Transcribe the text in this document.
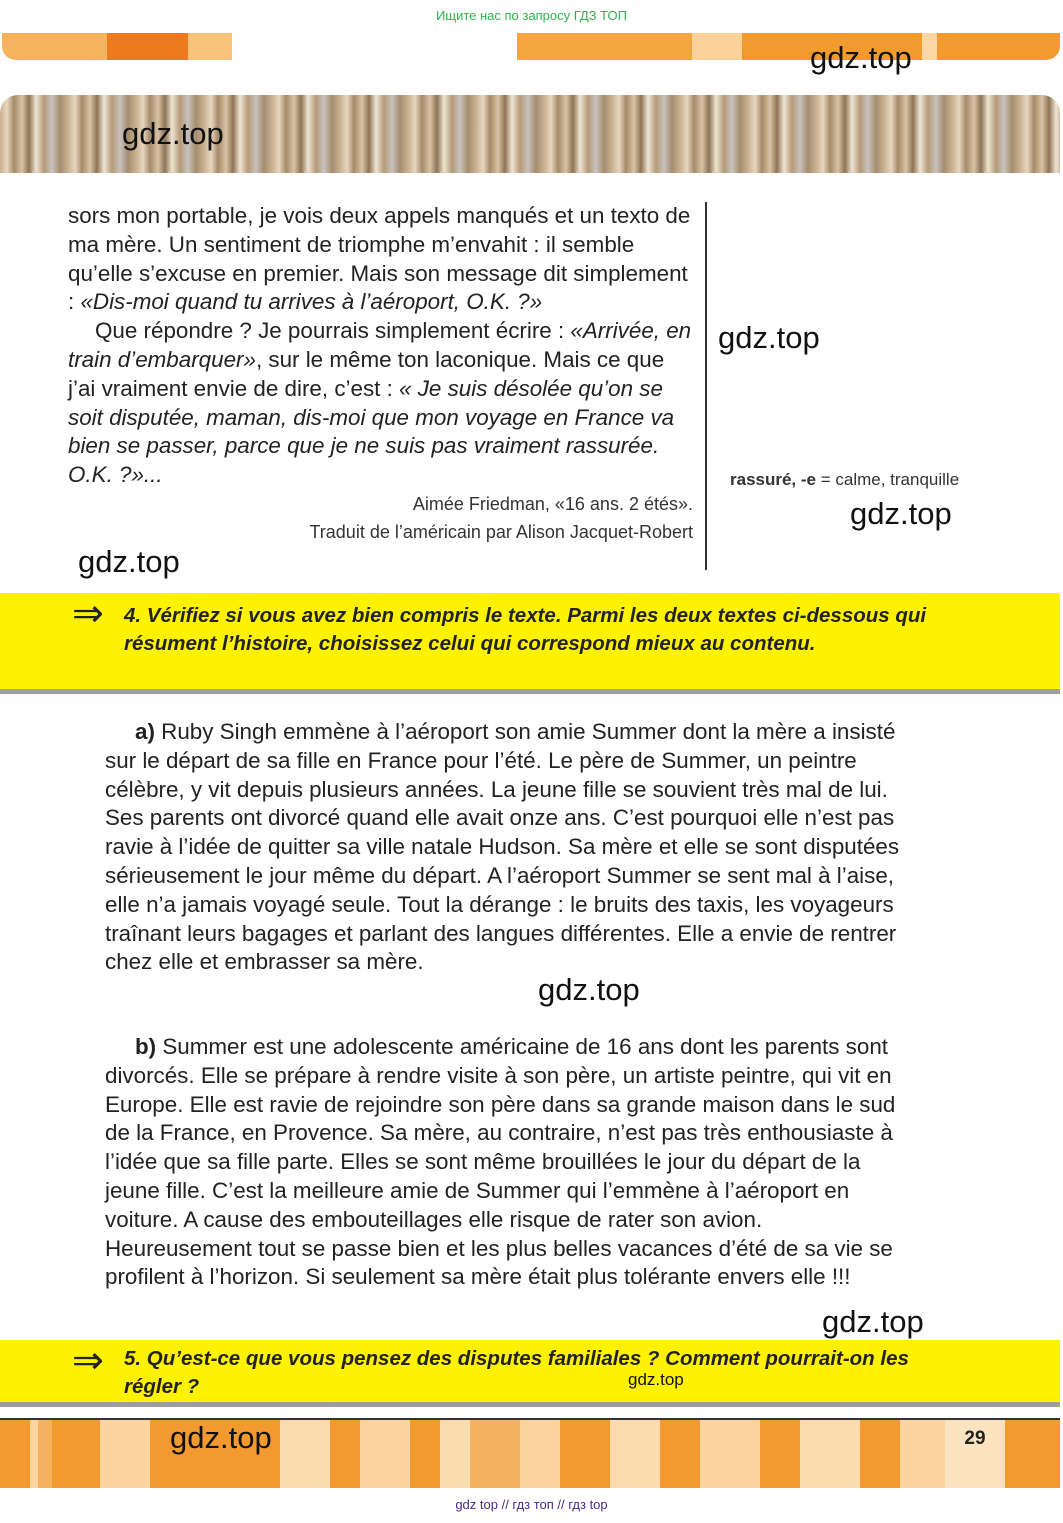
Ищите нас по запросу ГДЗ ТОП
gdz.top
gdz.top

sors mon portable, je vois deux appels manqués et un texto de ma mère. Un sentiment de triomphe m’envahit : il semble qu’elle s’excuse en premier. Mais son message dit simplement : «Dis-moi quand tu arrives à l’aéroport, O.K. ?»

Que répondre ? Je pourrais simplement écrire : «Arrivée, en train d’embarquer», sur le même ton laconique. Mais ce que j’ai vraiment envie de dire, c’est : « Je suis désolée qu’on se soit disputée, maman, dis-moi que mon voyage en France va bien se passer, parce que je ne suis pas vraiment rassurée. O.K. ?»...

Aimée Friedman, «16 ans. 2 étés».
Traduit de l’américain par Alison Jacquet-Robert
gdz.top
gdz.top
rassuré, -e = calme, tranquille
gdz.top
⇒ 4. Vérifiez si vous avez bien compris le texte. Parmi les deux textes ci-dessous qui résument l’histoire, choisissez celui qui correspond mieux au contenu.

a) Ruby Singh emmène à l’aéroport son amie Summer dont la mère a insisté sur le départ de sa fille en France pour l’été. Le père de Summer, un peintre célèbre, y vit depuis plusieurs années. La jeune fille se souvient très mal de lui. Ses parents ont divorcé quand elle avait onze ans. C’est pourquoi elle n’est pas ravie à l’idée de quitter sa ville natale Hudson. Sa mère et elle se sont disputées sérieusement le jour même du départ. A l’aéroport Summer se sent mal à l’aise, elle n’a jamais voyagé seule. Tout la dérange : le bruits des taxis, les voyageurs traînant leurs bagages et parlant des langues différentes. Elle a envie de rentrer chez elle et embrasser sa mère.

gdz.top

b) Summer est une adolescente américaine de 16 ans dont les parents sont divorcés. Elle se prépare à rendre visite à son père, un artiste peintre, qui vit en Europe. Elle est ravie de rejoindre son père dans sa grande maison dans le sud de la France, en Provence. Sa mère, au contraire, n’est pas très enthousiaste à l’idée que sa fille parte. Elles se sont même brouillées le jour du départ de la jeune fille. C’est la meilleure amie de Summer qui l’emmène à l’aéroport en voiture. A cause des embouteillages elle risque de rater son avion. Heureusement tout se passe bien et les plus belles vacances d’été de sa vie se profilent à l’horizon. Si seulement sa mère était plus tolérante envers elle !!!

gdz.top
⇒ 5. Qu’est-ce que vous pensez des disputes familiales ? Comment pourrait-on les régler ?	gdz.top
gdz.top	29
gdz top // гдз топ // гдз top
